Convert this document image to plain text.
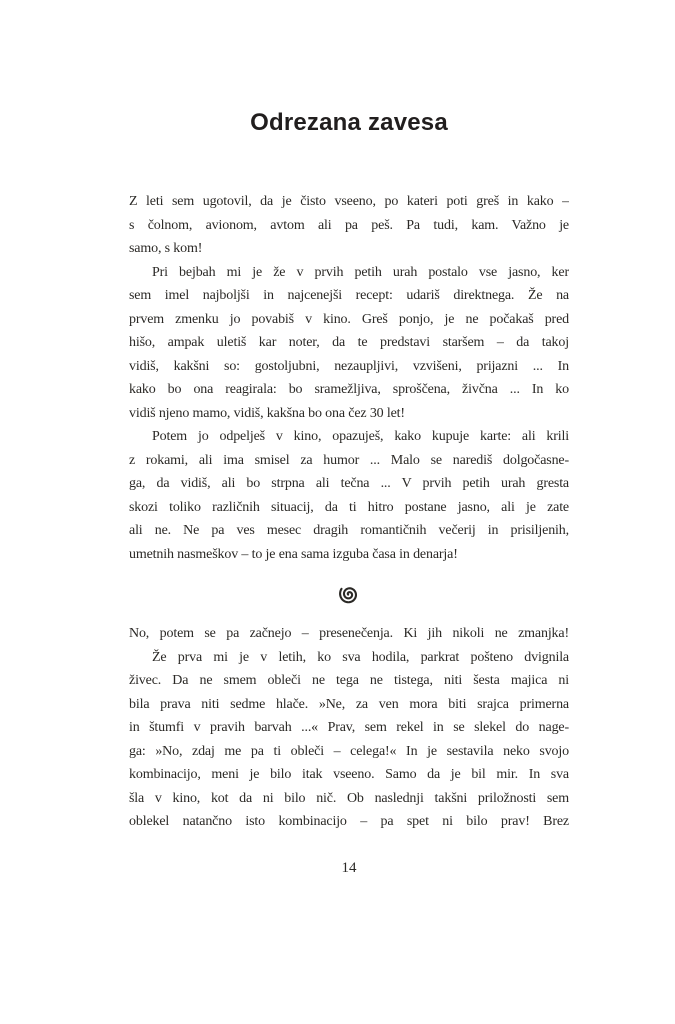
Odrezana zavesa
Z leti sem ugotovil, da je čisto vseeno, po kateri poti greš in kako –
s čolnom, avionom, avtom ali pa peš. Pa tudi, kam. Važno je
samo, s kom!
Pri bejbah mi je že v prvih petih urah postalo vse jasno, ker
sem imel najboljši in najcenejši recept: udariš direktnega. Že na
prvem zmenku jo povabiš v kino. Greš ponjo, je ne počakaš pred
hišo, ampak uletiš kar noter, da te predstavi staršem – da takoj
vidiš, kakšni so: gostoljubni, nezaupljivi, vzvišeni, prijazni ... In
kako bo ona reagirala: bo sramežljiva, sproščena, živčna ... In ko
vidiš njeno mamo, vidiš, kakšna bo ona čez 30 let!
Potem jo odpelješ v kino, opazuješ, kako kupuje karte: ali krili
z rokami, ali ima smisel za humor ... Malo se narediš dolgočasne-
ga, da vidiš, ali bo strpna ali tečna ... V prvih petih urah gresta
skozi toliko različnih situacij, da ti hitro postane jasno, ali je zate
ali ne. Ne pa ves mesec dragih romantičnih večerij in prisiljenih,
umetnih nasmeškov – to je ena sama izguba časa in denarja!
No, potem se pa začnejo – presenečenja. Ki jih nikoli ne zmanjka!
Že prva mi je v letih, ko sva hodila, parkrat pošteno dvignila
živec. Da ne smem obleči ne tega ne tistega, niti šesta majica ni
bila prava niti sedme hlače. »Ne, za ven mora biti srajca primerna
in štumfi v pravih barvah ...« Prav, sem rekel in se slekel do nage-
ga: »No, zdaj me pa ti obleči – celega!« In je sestavila neko svojo
kombinacijo, meni je bilo itak vseeno. Samo da je bil mir. In sva
šla v kino, kot da ni bilo nič. Ob naslednji takšni priložnosti sem
oblekel natančno isto kombinacijo – pa spet ni bilo prav! Brez
14
